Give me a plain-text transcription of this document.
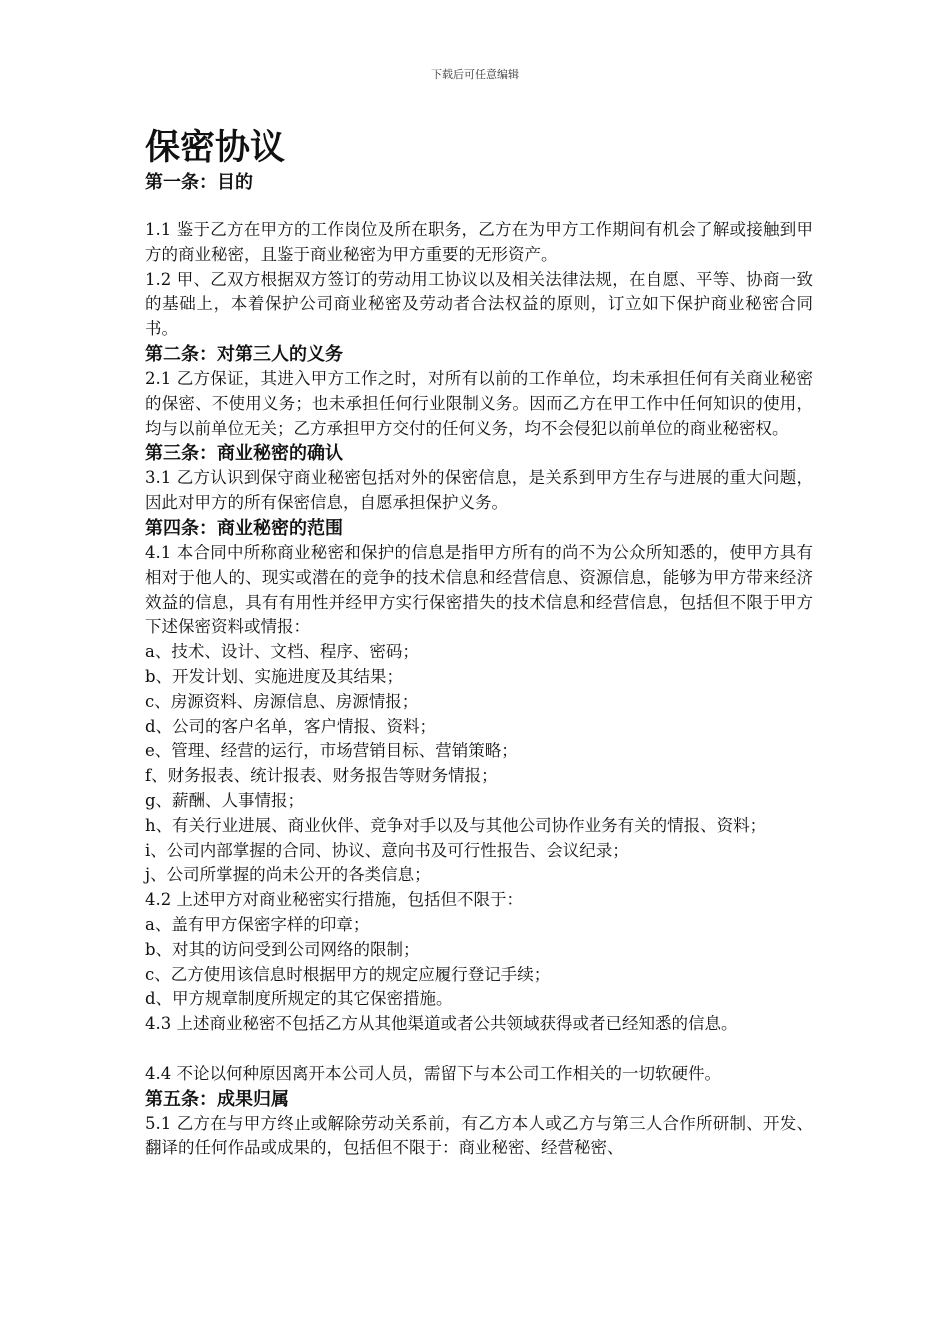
下载后可任意编辑
保密协议
第一条：目的

1.1 鉴于乙方在甲方的工作岗位及所在职务，乙方在为甲方工作期间有机会了解或接触到甲方的商业秘密，且鉴于商业秘密为甲方重要的无形资产。

1.2 甲、乙双方根据双方签订的劳动用工协议以及相关法律法规，在自愿、平等、协商一致的基础上，本着保护公司商业秘密及劳动者合法权益的原则，订立如下保护商业秘密合同书。

第二条：对第三人的义务

2.1 乙方保证，其进入甲方工作之时，对所有以前的工作单位，均未承担任何有关商业秘密的保密、不使用义务；也未承担任何行业限制义务。因而乙方在甲工作中任何知识的使用，均与以前单位无关；乙方承担甲方交付的任何义务，均不会侵犯以前单位的商业秘密权。

第三条：商业秘密的确认

3.1 乙方认识到保守商业秘密包括对外的保密信息，是关系到甲方生存与进展的重大问题，因此对甲方的所有保密信息，自愿承担保护义务。

第四条：商业秘密的范围

4.1 本合同中所称商业秘密和保护的信息是指甲方所有的尚不为公众所知悉的，使甲方具有相对于他人的、现实或潜在的竞争的技术信息和经营信息、资源信息，能够为甲方带来经济效益的信息，具有有用性并经甲方实行保密措失的技术信息和经营信息，包括但不限于甲方下述保密资料或情报：

a、技术、设计、文档、程序、密码；

b、开发计划、实施进度及其结果；

c、房源资料、房源信息、房源情报；

d、公司的客户名单，客户情报、资料；

e、管理、经营的运行，市场营销目标、营销策略；

f、财务报表、统计报表、财务报告等财务情报；

g、薪酬、人事情报；

h、有关行业进展、商业伙伴、竞争对手以及与其他公司协作业务有关的情报、资料；

i、公司内部掌握的合同、协议、意向书及可行性报告、会议纪录；

j、公司所掌握的尚未公开的各类信息；

4.2 上述甲方对商业秘密实行措施，包括但不限于：

a、盖有甲方保密字样的印章；

b、对其的访问受到公司网络的限制；

c、乙方使用该信息时根据甲方的规定应履行登记手续；

d、甲方规章制度所规定的其它保密措施。

4.3 上述商业秘密不包括乙方从其他渠道或者公共领域获得或者已经知悉的信息。

4.4 不论以何种原因离开本公司人员，需留下与本公司工作相关的一切软硬件。

第五条：成果归属

5.1 乙方在与甲方终止或解除劳动关系前，有乙方本人或乙方与第三人合作所研制、开发、翻译的任何作品或成果的，包括但不限于：商业秘密、经营秘密、
